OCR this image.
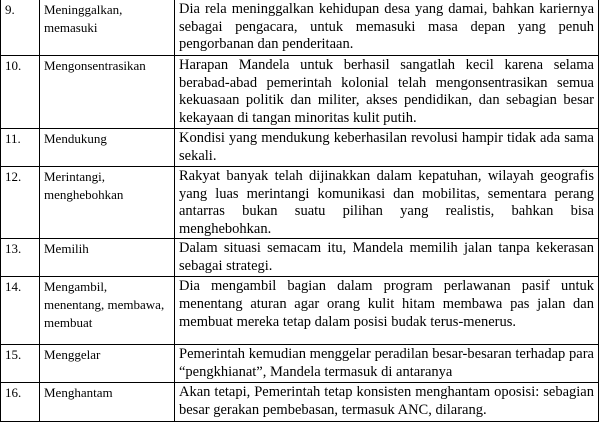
9.	Meninggalkan, memasuki	Dia rela meninggalkan kehidupan desa yang damai, bahkan kariernya sebagai pengacara, untuk memasuki masa depan yang penuh pengorbanan dan penderitaan.
10.	Mengonsentrasikan	Harapan Mandela untuk berhasil sangatlah kecil karena selama berabad-abad pemerintah kolonial telah mengonsentrasikan semua kekuasaan politik dan militer, akses pendidikan, dan sebagian besar kekayaan di tangan minoritas kulit putih.
11.	Mendukung	Kondisi yang mendukung keberhasilan revolusi hampir tidak ada sama sekali.
12.	Merintangi, menghebohkan	Rakyat banyak telah dijinakkan dalam kepatuhan, wilayah geografis yang luas merintangi komunikasi dan mobilitas, sementara perang antarras bukan suatu pilihan yang realistis, bahkan bisa menghebohkan.
13.	Memilih	Dalam situasi semacam itu, Mandela memilih jalan tanpa kekerasan sebagai strategi.
14.	Mengambil, menentang, membawa, membuat	Dia mengambil bagian dalam program perlawanan pasif untuk menentang aturan agar orang kulit hitam membawa pas jalan dan membuat mereka tetap dalam posisi budak terus-menerus.
15.	Menggelar	Pemerintah kemudian menggelar peradilan besar-besaran terhadap para “pengkhianat”, Mandela termasuk di antaranya
16.	Menghantam	Akan tetapi, Pemerintah tetap konsisten menghantam oposisi: sebagian besar gerakan pembebasan, termasuk ANC, dilarang.
